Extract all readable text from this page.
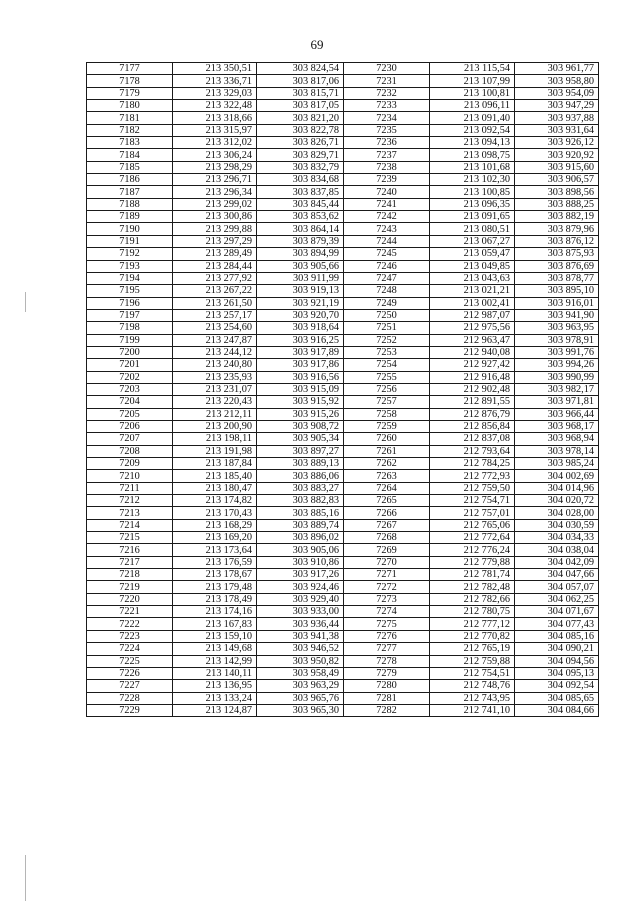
69
7177	213 350,51	303 824,54	7230	213 115,54	303 961,77
7178	213 336,71	303 817,06	7231	213 107,99	303 958,80
7179	213 329,03	303 815,71	7232	213 100,81	303 954,09
7180	213 322,48	303 817,05	7233	213 096,11	303 947,29
7181	213 318,66	303 821,20	7234	213 091,40	303 937,88
7182	213 315,97	303 822,78	7235	213 092,54	303 931,64
7183	213 312,02	303 826,71	7236	213 094,13	303 926,12
7184	213 306,24	303 829,71	7237	213 098,75	303 920,92
7185	213 298,29	303 832,79	7238	213 101,68	303 915,60
7186	213 296,71	303 834,68	7239	213 102,30	303 906,57
7187	213 296,34	303 837,85	7240	213 100,85	303 898,56
7188	213 299,02	303 845,44	7241	213 096,35	303 888,25
7189	213 300,86	303 853,62	7242	213 091,65	303 882,19
7190	213 299,88	303 864,14	7243	213 080,51	303 879,96
7191	213 297,29	303 879,39	7244	213 067,27	303 876,12
7192	213 289,49	303 894,99	7245	213 059,47	303 875,93
7193	213 284,44	303 905,66	7246	213 049,85	303 876,69
7194	213 277,92	303 911,99	7247	213 043,63	303 878,77
7195	213 267,22	303 919,13	7248	213 021,21	303 895,10
7196	213 261,50	303 921,19	7249	213 002,41	303 916,01
7197	213 257,17	303 920,70	7250	212 987,07	303 941,90
7198	213 254,60	303 918,64	7251	212 975,56	303 963,95
7199	213 247,87	303 916,25	7252	212 963,47	303 978,91
7200	213 244,12	303 917,89	7253	212 940,08	303 991,76
7201	213 240,80	303 917,86	7254	212 927,42	303 994,26
7202	213 235,93	303 916,56	7255	212 916,48	303 990,99
7203	213 231,07	303 915,09	7256	212 902,48	303 982,17
7204	213 220,43	303 915,92	7257	212 891,55	303 971,81
7205	213 212,11	303 915,26	7258	212 876,79	303 966,44
7206	213 200,90	303 908,72	7259	212 856,84	303 968,17
7207	213 198,11	303 905,34	7260	212 837,08	303 968,94
7208	213 191,98	303 897,27	7261	212 793,64	303 978,14
7209	213 187,84	303 889,13	7262	212 784,25	303 985,24
7210	213 185,40	303 886,06	7263	212 772,93	304 002,69
7211	213 180,47	303 883,27	7264	212 759,50	304 014,96
7212	213 174,82	303 882,83	7265	212 754,71	304 020,72
7213	213 170,43	303 885,16	7266	212 757,01	304 028,00
7214	213 168,29	303 889,74	7267	212 765,06	304 030,59
7215	213 169,20	303 896,02	7268	212 772,64	304 034,33
7216	213 173,64	303 905,06	7269	212 776,24	304 038,04
7217	213 176,59	303 910,86	7270	212 779,88	304 042,09
7218	213 178,67	303 917,26	7271	212 781,74	304 047,66
7219	213 179,48	303 924,46	7272	212 782,48	304 057,07
7220	213 178,49	303 929,40	7273	212 782,66	304 062,25
7221	213 174,16	303 933,00	7274	212 780,75	304 071,67
7222	213 167,83	303 936,44	7275	212 777,12	304 077,43
7223	213 159,10	303 941,38	7276	212 770,82	304 085,16
7224	213 149,68	303 946,52	7277	212 765,19	304 090,21
7225	213 142,99	303 950,82	7278	212 759,88	304 094,56
7226	213 140,11	303 958,49	7279	212 754,51	304 095,13
7227	213 136,95	303 963,29	7280	212 748,76	304 092,54
7228	213 133,24	303 965,76	7281	212 743,95	304 085,65
7229	213 124,87	303 965,30	7282	212 741,10	304 084,66
